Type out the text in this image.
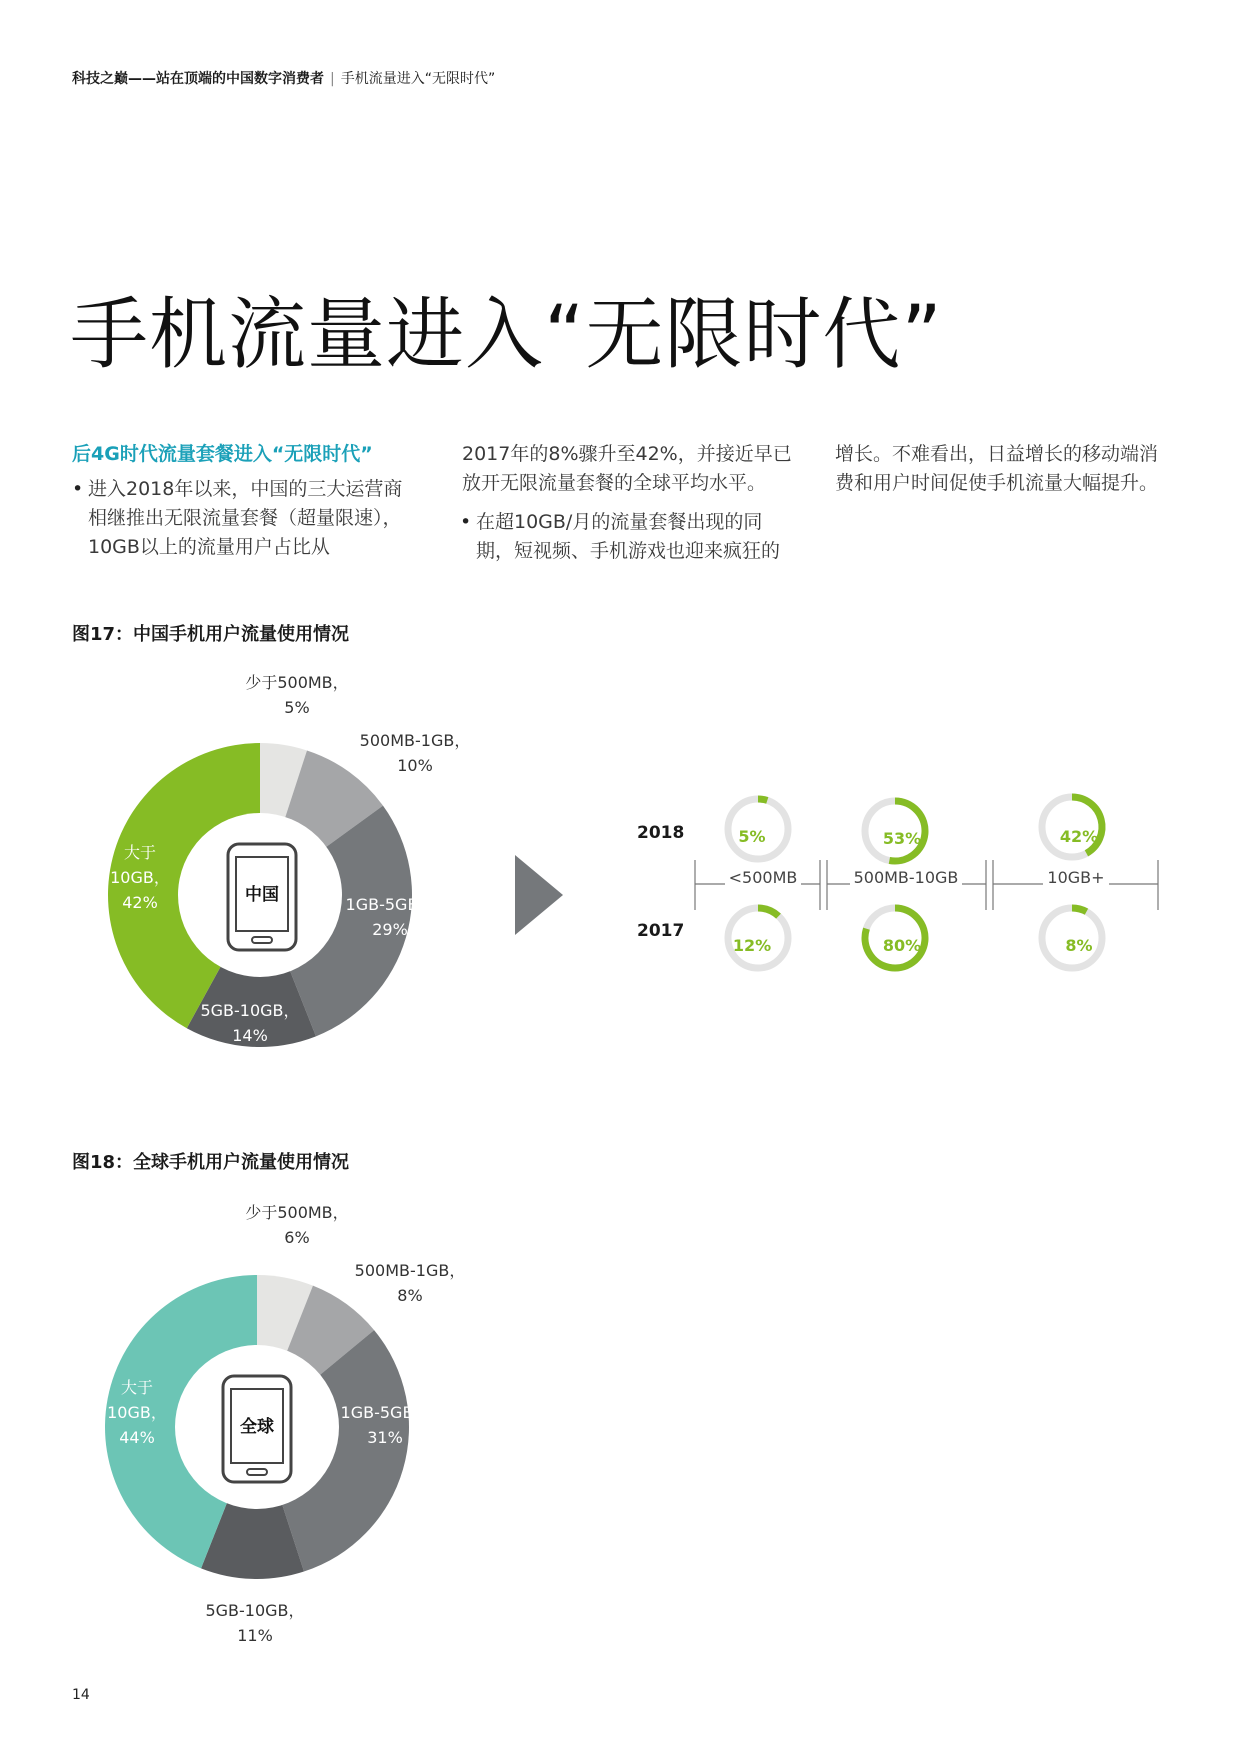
科技之巅——站在顶端的中国数字消费者 | 手机流量进入“无限时代”
手机流量进入“无限时代”

后4G时代流量套餐进入“无限时代”

• 进入2018年以来，中国的三大运营商相继推出无限流量套餐（超量限速），10GB以上的流量用户占比从

2017年的8%骤升至42%，并接近早已放开无限流量套餐的全球平均水平。

• 在超10GB/月的流量套餐出现的同期，短视频、手机游戏也迎来疯狂的

增长。不难看出，日益增长的移动端消费和用户时间促使手机流量大幅提升。

图17：中国手机用户流量使用情况
中国
少于500MB，
5%
500MB-1GB，
10%
1GB-5GB，
29%
5GB-10GB，
14%
大于
10GB，
42%
2018
2017
<500MB	500MB-10GB	10GB+
5%	53%	42%
12%	80%	8%
图18：全球手机用户流量使用情况
全球
少于500MB，
6%
500MB-1GB，
8%
1GB-5GB，
31%
5GB-10GB，
11%
大于
10GB，
44%
14
